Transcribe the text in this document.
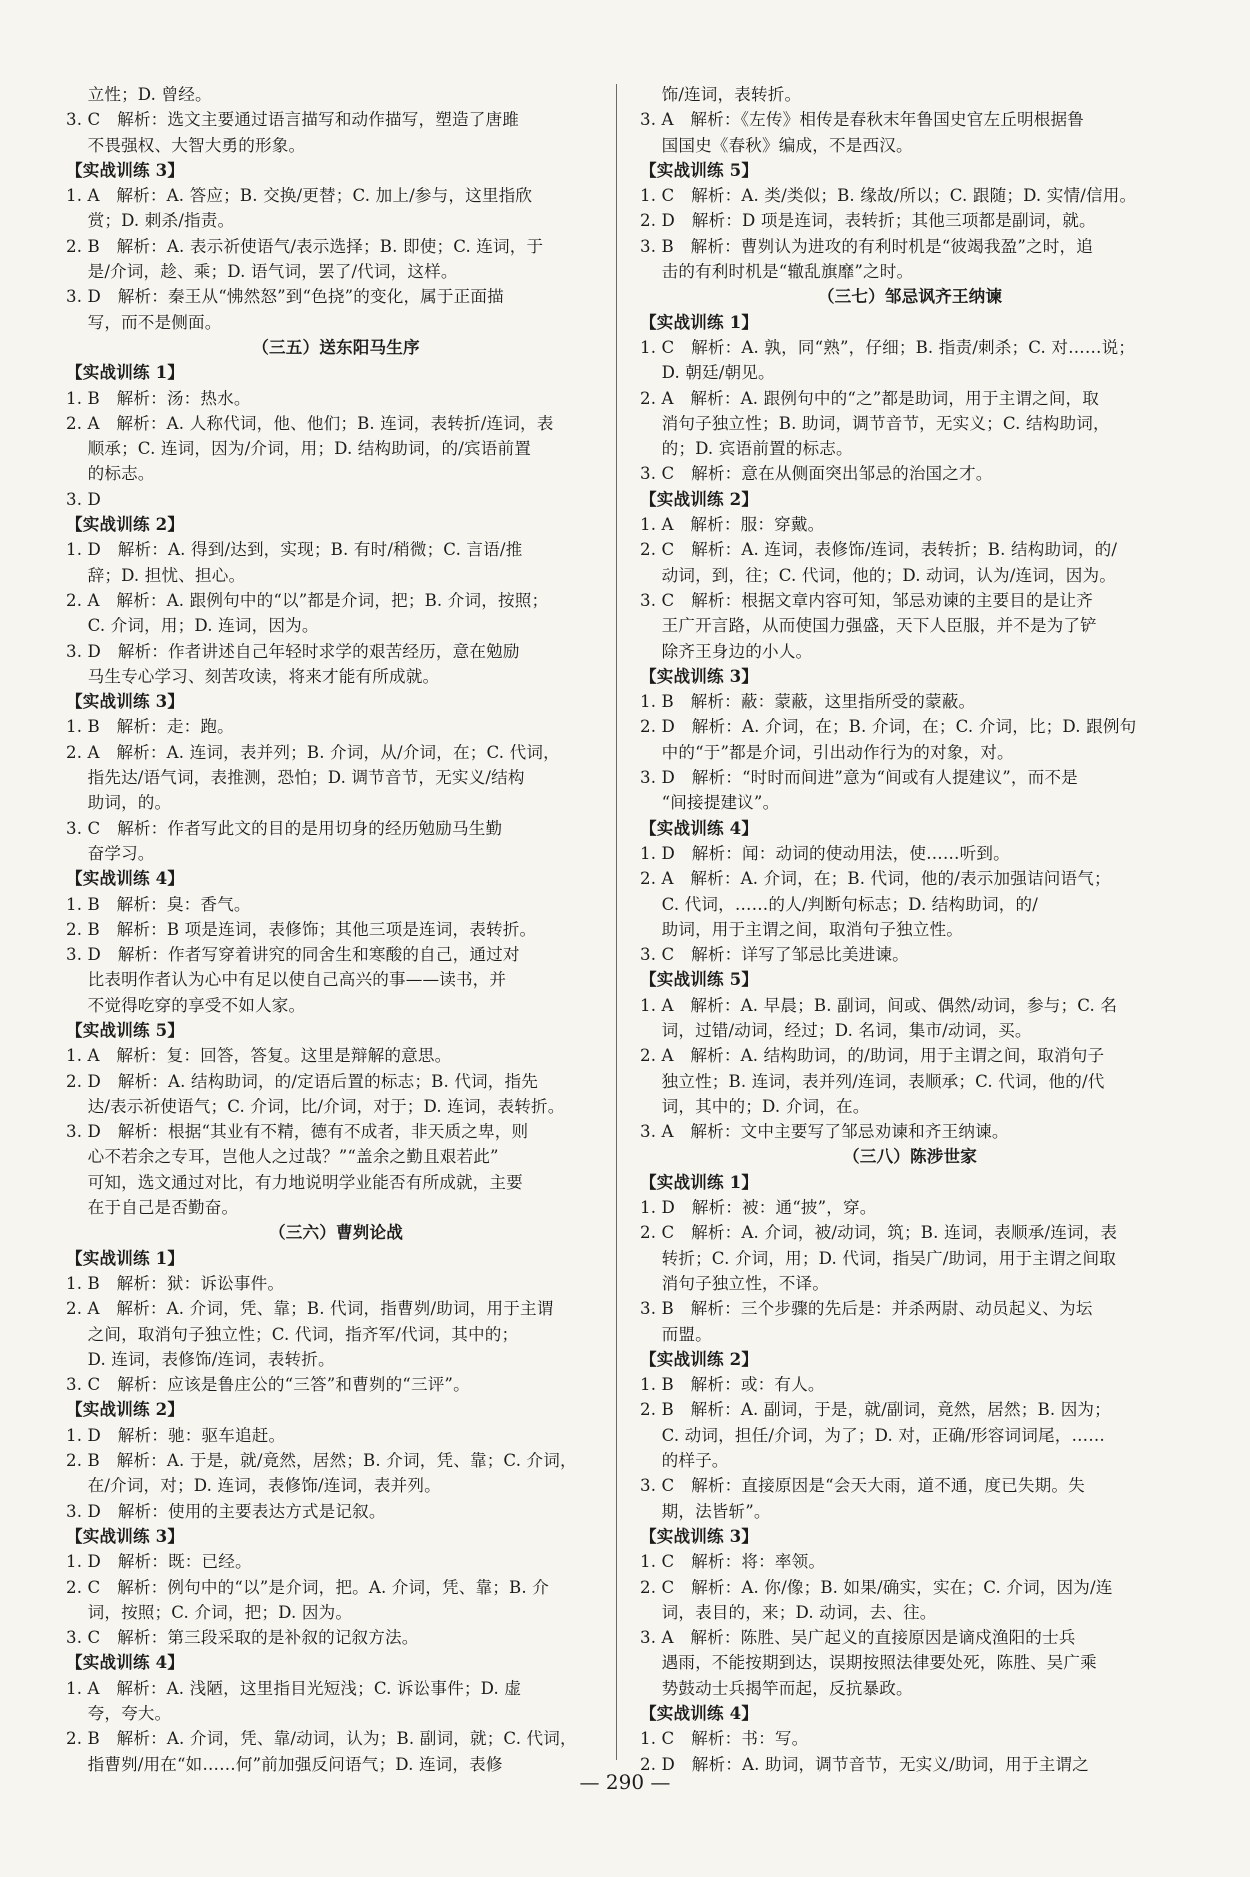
立性；D. 曾经。
3. C　解析：选文主要通过语言描写和动作描写，塑造了唐雎
不畏强权、大智大勇的形象。
【实战训练 3】
1. A　解析：A. 答应；B. 交换/更替；C. 加上/参与，这里指欣
赏；D. 刺杀/指责。
2. B　解析：A. 表示祈使语气/表示选择；B. 即使；C. 连词，于
是/介词，趁、乘；D. 语气词，罢了/代词，这样。
3. D　解析：秦王从“怫然怒”到“色挠”的变化，属于正面描
写，而不是侧面。
（三五）送东阳马生序
【实战训练 1】
1. B　解析：汤：热水。
2. A　解析：A. 人称代词，他、他们；B. 连词，表转折/连词，表
顺承；C. 连词，因为/介词，用；D. 结构助词，的/宾语前置
的标志。
3. D
【实战训练 2】
1. D　解析：A. 得到/达到，实现；B. 有时/稍微；C. 言语/推
辞；D. 担忧、担心。
2. A　解析：A. 跟例句中的“以”都是介词，把；B. 介词，按照；
C. 介词，用；D. 连词，因为。
3. D　解析：作者讲述自己年轻时求学的艰苦经历，意在勉励
马生专心学习、刻苦攻读，将来才能有所成就。
【实战训练 3】
1. B　解析：走：跑。
2. A　解析：A. 连词，表并列；B. 介词，从/介词，在；C. 代词，
指先达/语气词，表推测，恐怕；D. 调节音节，无实义/结构
助词，的。
3. C　解析：作者写此文的目的是用切身的经历勉励马生勤
奋学习。
【实战训练 4】
1. B　解析：臭：香气。
2. B　解析：B 项是连词，表修饰；其他三项是连词，表转折。
3. D　解析：作者写穿着讲究的同舍生和寒酸的自己，通过对
比表明作者认为心中有足以使自己高兴的事——读书，并
不觉得吃穿的享受不如人家。
【实战训练 5】
1. A　解析：复：回答，答复。这里是辩解的意思。
2. D　解析：A. 结构助词，的/定语后置的标志；B. 代词，指先
达/表示祈使语气；C. 介词，比/介词，对于；D. 连词，表转折。
3. D　解析：根据“其业有不精，德有不成者，非天质之卑，则
心不若余之专耳，岂他人之过哉？”“盖余之勤且艰若此”
可知，选文通过对比，有力地说明学业能否有所成就，主要
在于自己是否勤奋。
（三六）曹刿论战
【实战训练 1】
1. B　解析：狱：诉讼事件。
2. A　解析：A. 介词，凭、靠；B. 代词，指曹刿/助词，用于主谓
之间，取消句子独立性；C. 代词，指齐军/代词，其中的；
D. 连词，表修饰/连词，表转折。
3. C　解析：应该是鲁庄公的“三答”和曹刿的“三评”。
【实战训练 2】
1. D　解析：驰：驱车追赶。
2. B　解析：A. 于是，就/竟然，居然；B. 介词，凭、靠；C. 介词，
在/介词，对；D. 连词，表修饰/连词，表并列。
3. D　解析：使用的主要表达方式是记叙。
【实战训练 3】
1. D　解析：既：已经。
2. C　解析：例句中的“以”是介词，把。A. 介词，凭、靠；B. 介
词，按照；C. 介词，把；D. 因为。
3. C　解析：第三段采取的是补叙的记叙方法。
【实战训练 4】
1. A　解析：A. 浅陋，这里指目光短浅；C. 诉讼事件；D. 虚
夸，夸大。
2. B　解析：A. 介词，凭、靠/动词，认为；B. 副词，就；C. 代词，
指曹刿/用在“如……何”前加强反问语气；D. 连词，表修
饰/连词，表转折。
3. A　解析：《左传》相传是春秋末年鲁国史官左丘明根据鲁
国国史《春秋》编成，不是西汉。
【实战训练 5】
1. C　解析：A. 类/类似；B. 缘故/所以；C. 跟随；D. 实情/信用。
2. D　解析：D 项是连词，表转折；其他三项都是副词，就。
3. B　解析：曹刿认为进攻的有利时机是“彼竭我盈”之时，追
击的有利时机是“辙乱旗靡”之时。
（三七）邹忌讽齐王纳谏
【实战训练 1】
1. C　解析：A. 孰，同“熟”，仔细；B. 指责/刺杀；C. 对……说；
D. 朝廷/朝见。
2. A　解析：A. 跟例句中的“之”都是助词，用于主谓之间，取
消句子独立性；B. 助词，调节音节，无实义；C. 结构助词，
的；D. 宾语前置的标志。
3. C　解析：意在从侧面突出邹忌的治国之才。
【实战训练 2】
1. A　解析：服：穿戴。
2. C　解析：A. 连词，表修饰/连词，表转折；B. 结构助词，的/
动词，到，往；C. 代词，他的；D. 动词，认为/连词，因为。
3. C　解析：根据文章内容可知，邹忌劝谏的主要目的是让齐
王广开言路，从而使国力强盛，天下人臣服，并不是为了铲
除齐王身边的小人。
【实战训练 3】
1. B　解析：蔽：蒙蔽，这里指所受的蒙蔽。
2. D　解析：A. 介词，在；B. 介词，在；C. 介词，比；D. 跟例句
中的“于”都是介词，引出动作行为的对象，对。
3. D　解析：“时时而间进”意为“间或有人提建议”，而不是
“间接提建议”。
【实战训练 4】
1. D　解析：闻：动词的使动用法，使……听到。
2. A　解析：A. 介词，在；B. 代词，他的/表示加强诘问语气；
C. 代词，……的人/判断句标志；D. 结构助词，的/
助词，用于主谓之间，取消句子独立性。
3. C　解析：详写了邹忌比美进谏。
【实战训练 5】
1. A　解析：A. 早晨；B. 副词，间或、偶然/动词，参与；C. 名
词，过错/动词，经过；D. 名词，集市/动词，买。
2. A　解析：A. 结构助词，的/助词，用于主谓之间，取消句子
独立性；B. 连词，表并列/连词，表顺承；C. 代词，他的/代
词，其中的；D. 介词，在。
3. A　解析：文中主要写了邹忌劝谏和齐王纳谏。
（三八）陈涉世家
【实战训练 1】
1. D　解析：被：通“披”，穿。
2. C　解析：A. 介词，被/动词，筑；B. 连词，表顺承/连词，表
转折；C. 介词，用；D. 代词，指吴广/助词，用于主谓之间取
消句子独立性，不译。
3. B　解析：三个步骤的先后是：并杀两尉、动员起义、为坛
而盟。
【实战训练 2】
1. B　解析：或：有人。
2. B　解析：A. 副词，于是，就/副词，竟然，居然；B. 因为；
C. 动词，担任/介词，为了；D. 对，正确/形容词词尾，……
的样子。
3. C　解析：直接原因是“会天大雨，道不通，度已失期。失
期，法皆斩”。
【实战训练 3】
1. C　解析：将：率领。
2. C　解析：A. 你/像；B. 如果/确实，实在；C. 介词，因为/连
词，表目的，来；D. 动词，去、往。
3. A　解析：陈胜、吴广起义的直接原因是谪戍渔阳的士兵
遇雨，不能按期到达，误期按照法律要处死，陈胜、吴广乘
势鼓动士兵揭竿而起，反抗暴政。
【实战训练 4】
1. C　解析：书：写。
2. D　解析：A. 助词，调节音节，无实义/助词，用于主谓之
— 290 —
